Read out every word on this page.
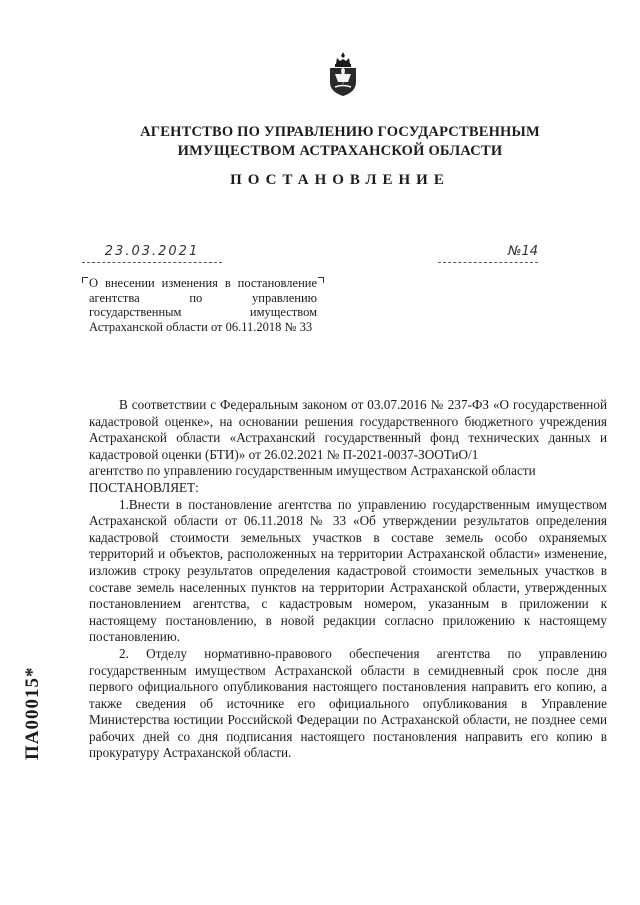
АГЕНТСТВО ПО УПРАВЛЕНИЮ ГОСУДАРСТВЕННЫМ
ИМУЩЕСТВОМ АСТРАХАНСКОЙ ОБЛАСТИ
ПОСТАНОВЛЕНИЕ
23.03.2021	№14

О внесении изменения в постановление агентства по управлению государственным имуществом Астраханской области от 06.11.2018 № 33

В соответствии с Федеральным законом от 03.07.2016 № 237-ФЗ «О государственной кадастровой оценке», на основании решения государственного бюджетного учреждения Астраханской области «Астраханский государственный фонд технических данных и кадастровой оценки (БТИ)» от 26.02.2021 № П-2021-0037-ЗООТиО/1

агентство по управлению государственным имуществом Астраханской области

ПОСТАНОВЛЯЕТ:

1.Внести в постановление агентства по управлению государственным имуществом Астраханской области от 06.11.2018 № 33 «Об утверждении результатов определения кадастровой стоимости земельных участков в составе земель особо охраняемых территорий и объектов, расположенных на территории Астраханской области» изменение, изложив строку результатов определения кадастровой стоимости земельных участков в составе земель населенных пунктов на территории Астраханской области, утвержденных постановлением агентства, с кадастровым номером, указанным в приложении к настоящему постановлению, в новой редакции согласно приложению к настоящему постановлению.

2. Отделу нормативно-правового обеспечения агентства по управлению государственным имуществом Астраханской области в семидневный срок после дня первого официального опубликования настоящего постановления направить его копию, а также сведения об источнике его официального опубликования в Управление Министерства юстиции Российской Федерации по Астраханской области, не позднее семи рабочих дней со дня подписания настоящего постановления направить его копию в прокуратуру Астраханской области.

ПА00015*
